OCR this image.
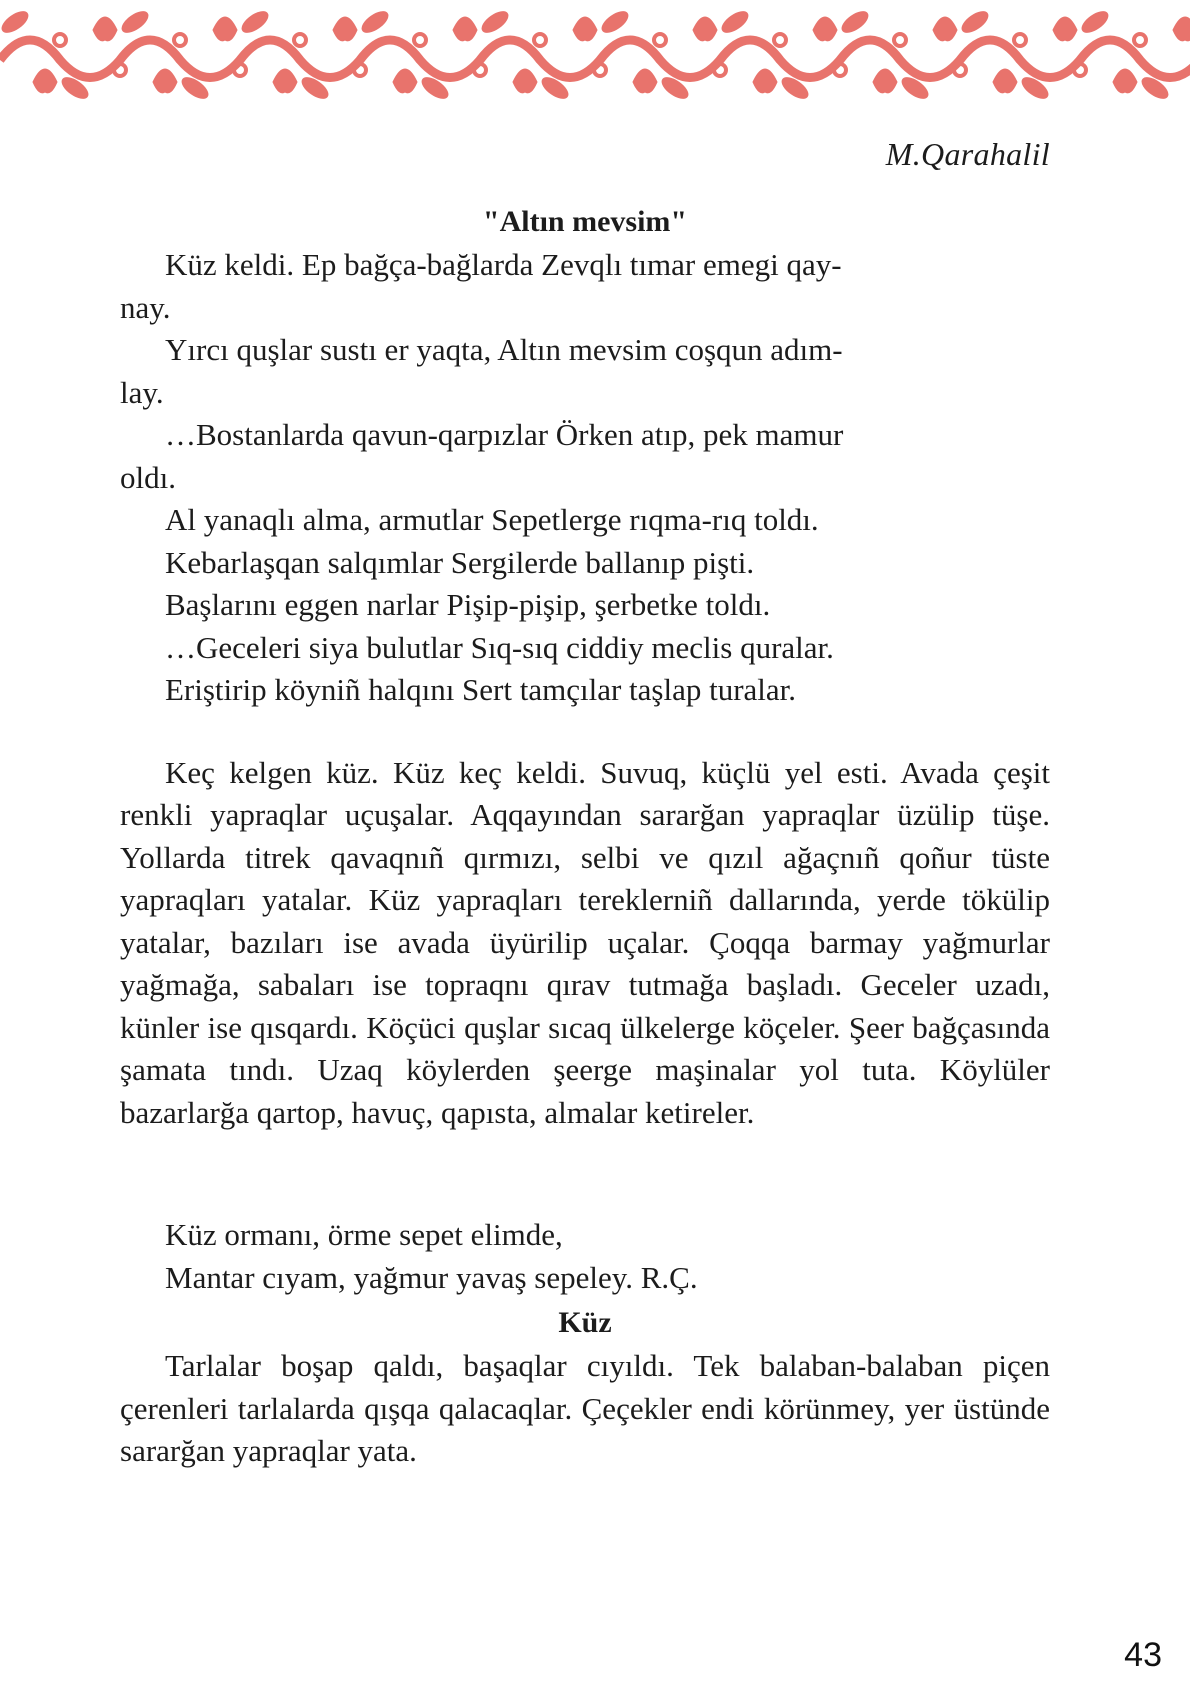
M.Qarahalil
"Altın mevsim"
Küz keldi. Ep bağça-bağlarda Zevqlı tımar emegi qay-
nay.
Yırcı quşlar sustı er yaqta, Altın mevsim coşqun adım-
lay.
…Bostanlarda qavun-qarpızlar Örken atıp, pek mamur
oldı.
Al yanaqlı alma, armutlar Sepetlerge rıqma-rıq toldı.
Kebarlaşqan salqımlar Sergilerde ballanıp pişti.
Başlarını eggen narlar Pişip-pişip, şerbetke toldı.
…Geceleri siya bulutlar Sıq-sıq ciddiy meclis quralar.
Eriştirip köyniñ halqını Sert tamçılar taşlap turalar.

Keç kelgen küz. Küz keç keldi. Suvuq, küçlü yel esti. Avada çeşit renkli yapraqlar uçuşalar. Aqqayından sararğan yapraqlar üzülip tüşe. Yollarda titrek qavaqnıñ qırmızı, selbi ve qızıl ağaçnıñ qoñur tüste yapraqları yatalar. Küz yapraqları tereklerniñ dallarında, yerde tökülip yatalar, bazıları ise avada üyürilip uçalar. Çoqqa barmay yağmurlar yağmağa, sabaları ise topraqnı qırav tutmağa başladı. Geceler uzadı, künler ise qısqardı. Köçüci quşlar sıcaq ülkelerge köçeler. Şeer bağçasında şamata tındı. Uzaq köylerden şeerge maşinalar yol tuta. Köylüler bazarlarğa qartop, havuç, qapısta, almalar ketireler.

Küz ormanı, örme sepet elimde,
Mantar cıyam, yağmur yavaş sepeley. R.Ç.
Küz

Tarlalar boşap qaldı, başaqlar cıyıldı. Tek balaban-balaban piçen çerenleri tarlalarda qışqa qalacaqlar. Çeçekler endi körünmey, yer üstünde sararğan yapraqlar yata.

43
